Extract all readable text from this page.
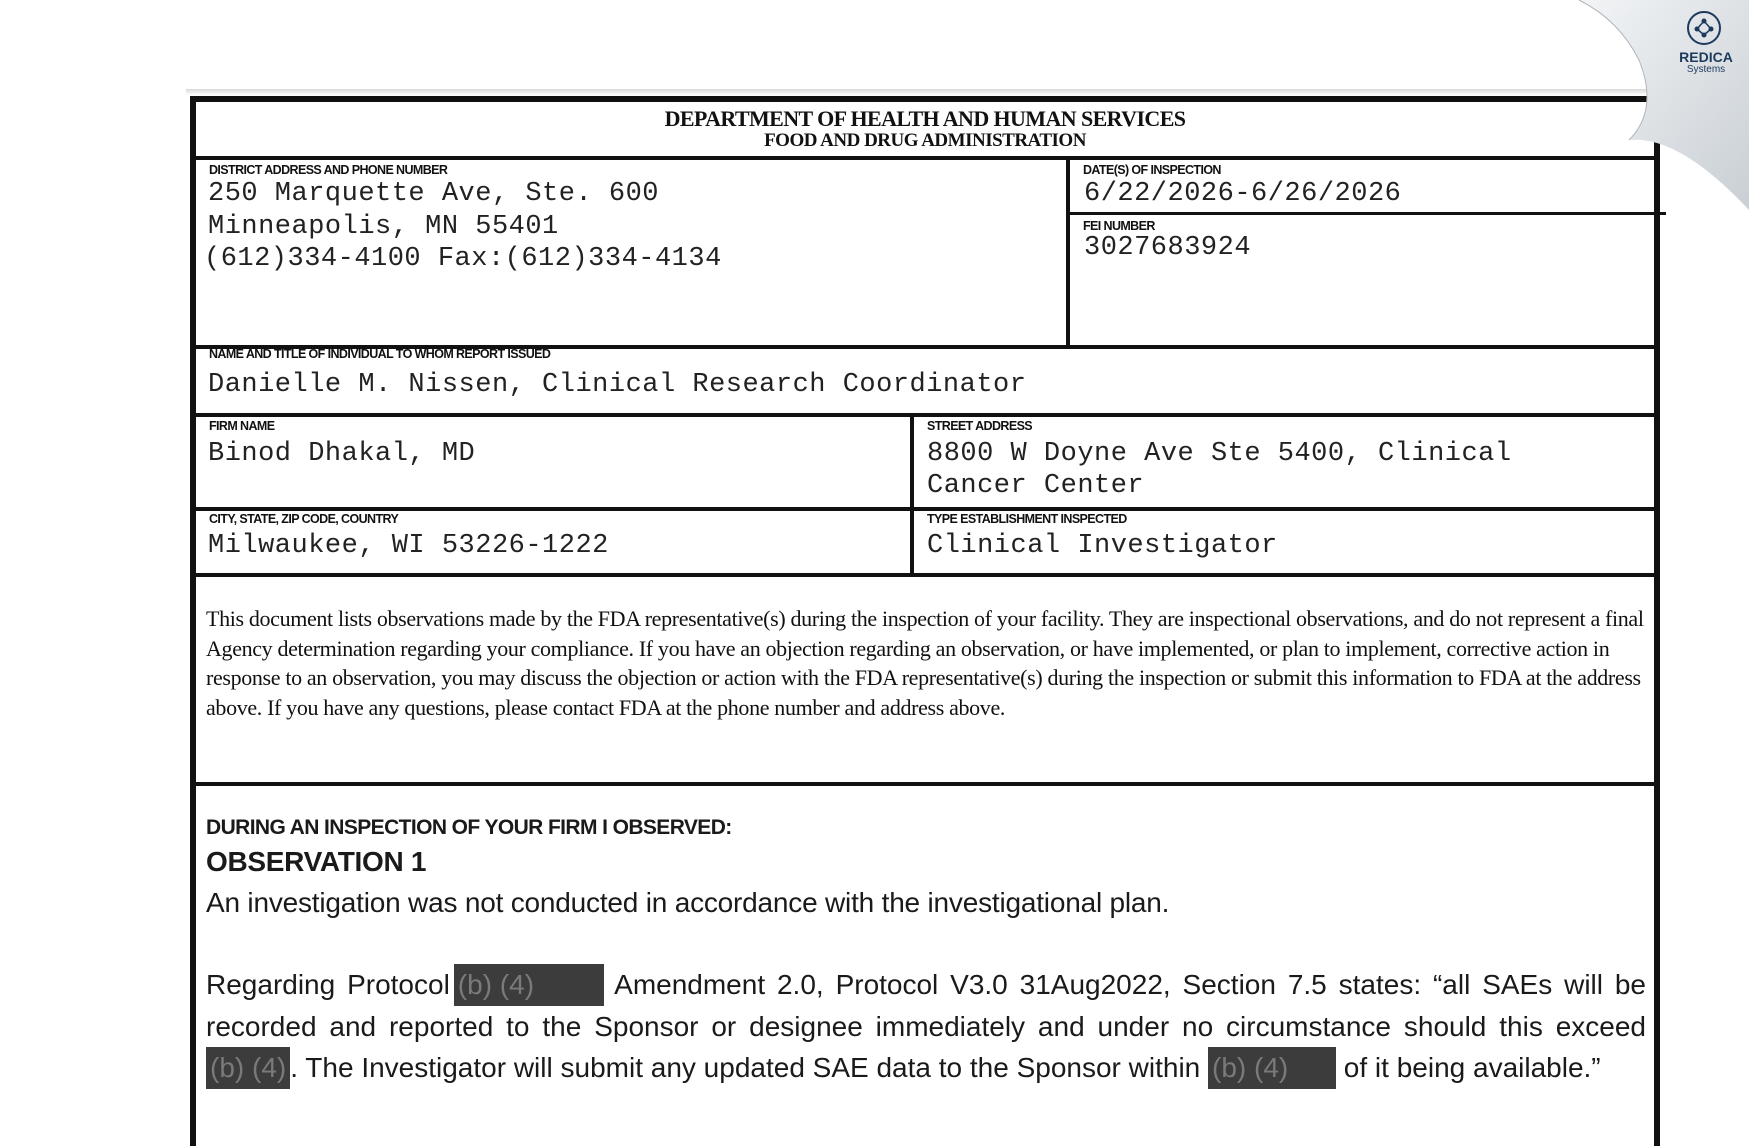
DEPARTMENT OF HEALTH AND HUMAN SERVICES
FOOD AND DRUG ADMINISTRATION
DISTRICT ADDRESS AND PHONE NUMBER
250 Marquette Ave, Ste. 600
Minneapolis, MN 55401
(612)334-4100 Fax:(612)334-4134
DATE(S) OF INSPECTION
6/22/2026-6/26/2026
FEI NUMBER
3027683924
NAME AND TITLE OF INDIVIDUAL TO WHOM REPORT ISSUED
Danielle M. Nissen, Clinical Research Coordinator
FIRM NAME
Binod Dhakal, MD
STREET ADDRESS
8800 W Doyne Ave Ste 5400, Clinical
Cancer Center
CITY, STATE, ZIP CODE, COUNTRY
Milwaukee, WI 53226-1222
TYPE ESTABLISHMENT INSPECTED
Clinical Investigator
This document lists observations made by the FDA representative(s) during the inspection of your facility. They are inspectional observations, and do not represent a final Agency determination regarding your compliance. If you have an objection regarding an observation, or have implemented, or plan to implement, corrective action in response to an observation, you may discuss the objection or action with the FDA representative(s) during the inspection or submit this information to FDA at the address above. If you have any questions, please contact FDA at the phone number and address above.
DURING AN INSPECTION OF YOUR FIRM I OBSERVED:
OBSERVATION 1
An investigation was not conducted in accordance with the investigational plan.
Regarding Protocol (b) (4)	Amendment 2.0, Protocol V3.0 31Aug2022, Section 7.5 states: “all SAEs will be recorded and reported to the Sponsor or designee immediately and under no circumstance should this exceed (b) (4) . The Investigator will submit any updated SAE data to the Sponsor within (b) (4) of it being available.”
REDICA
Systems
